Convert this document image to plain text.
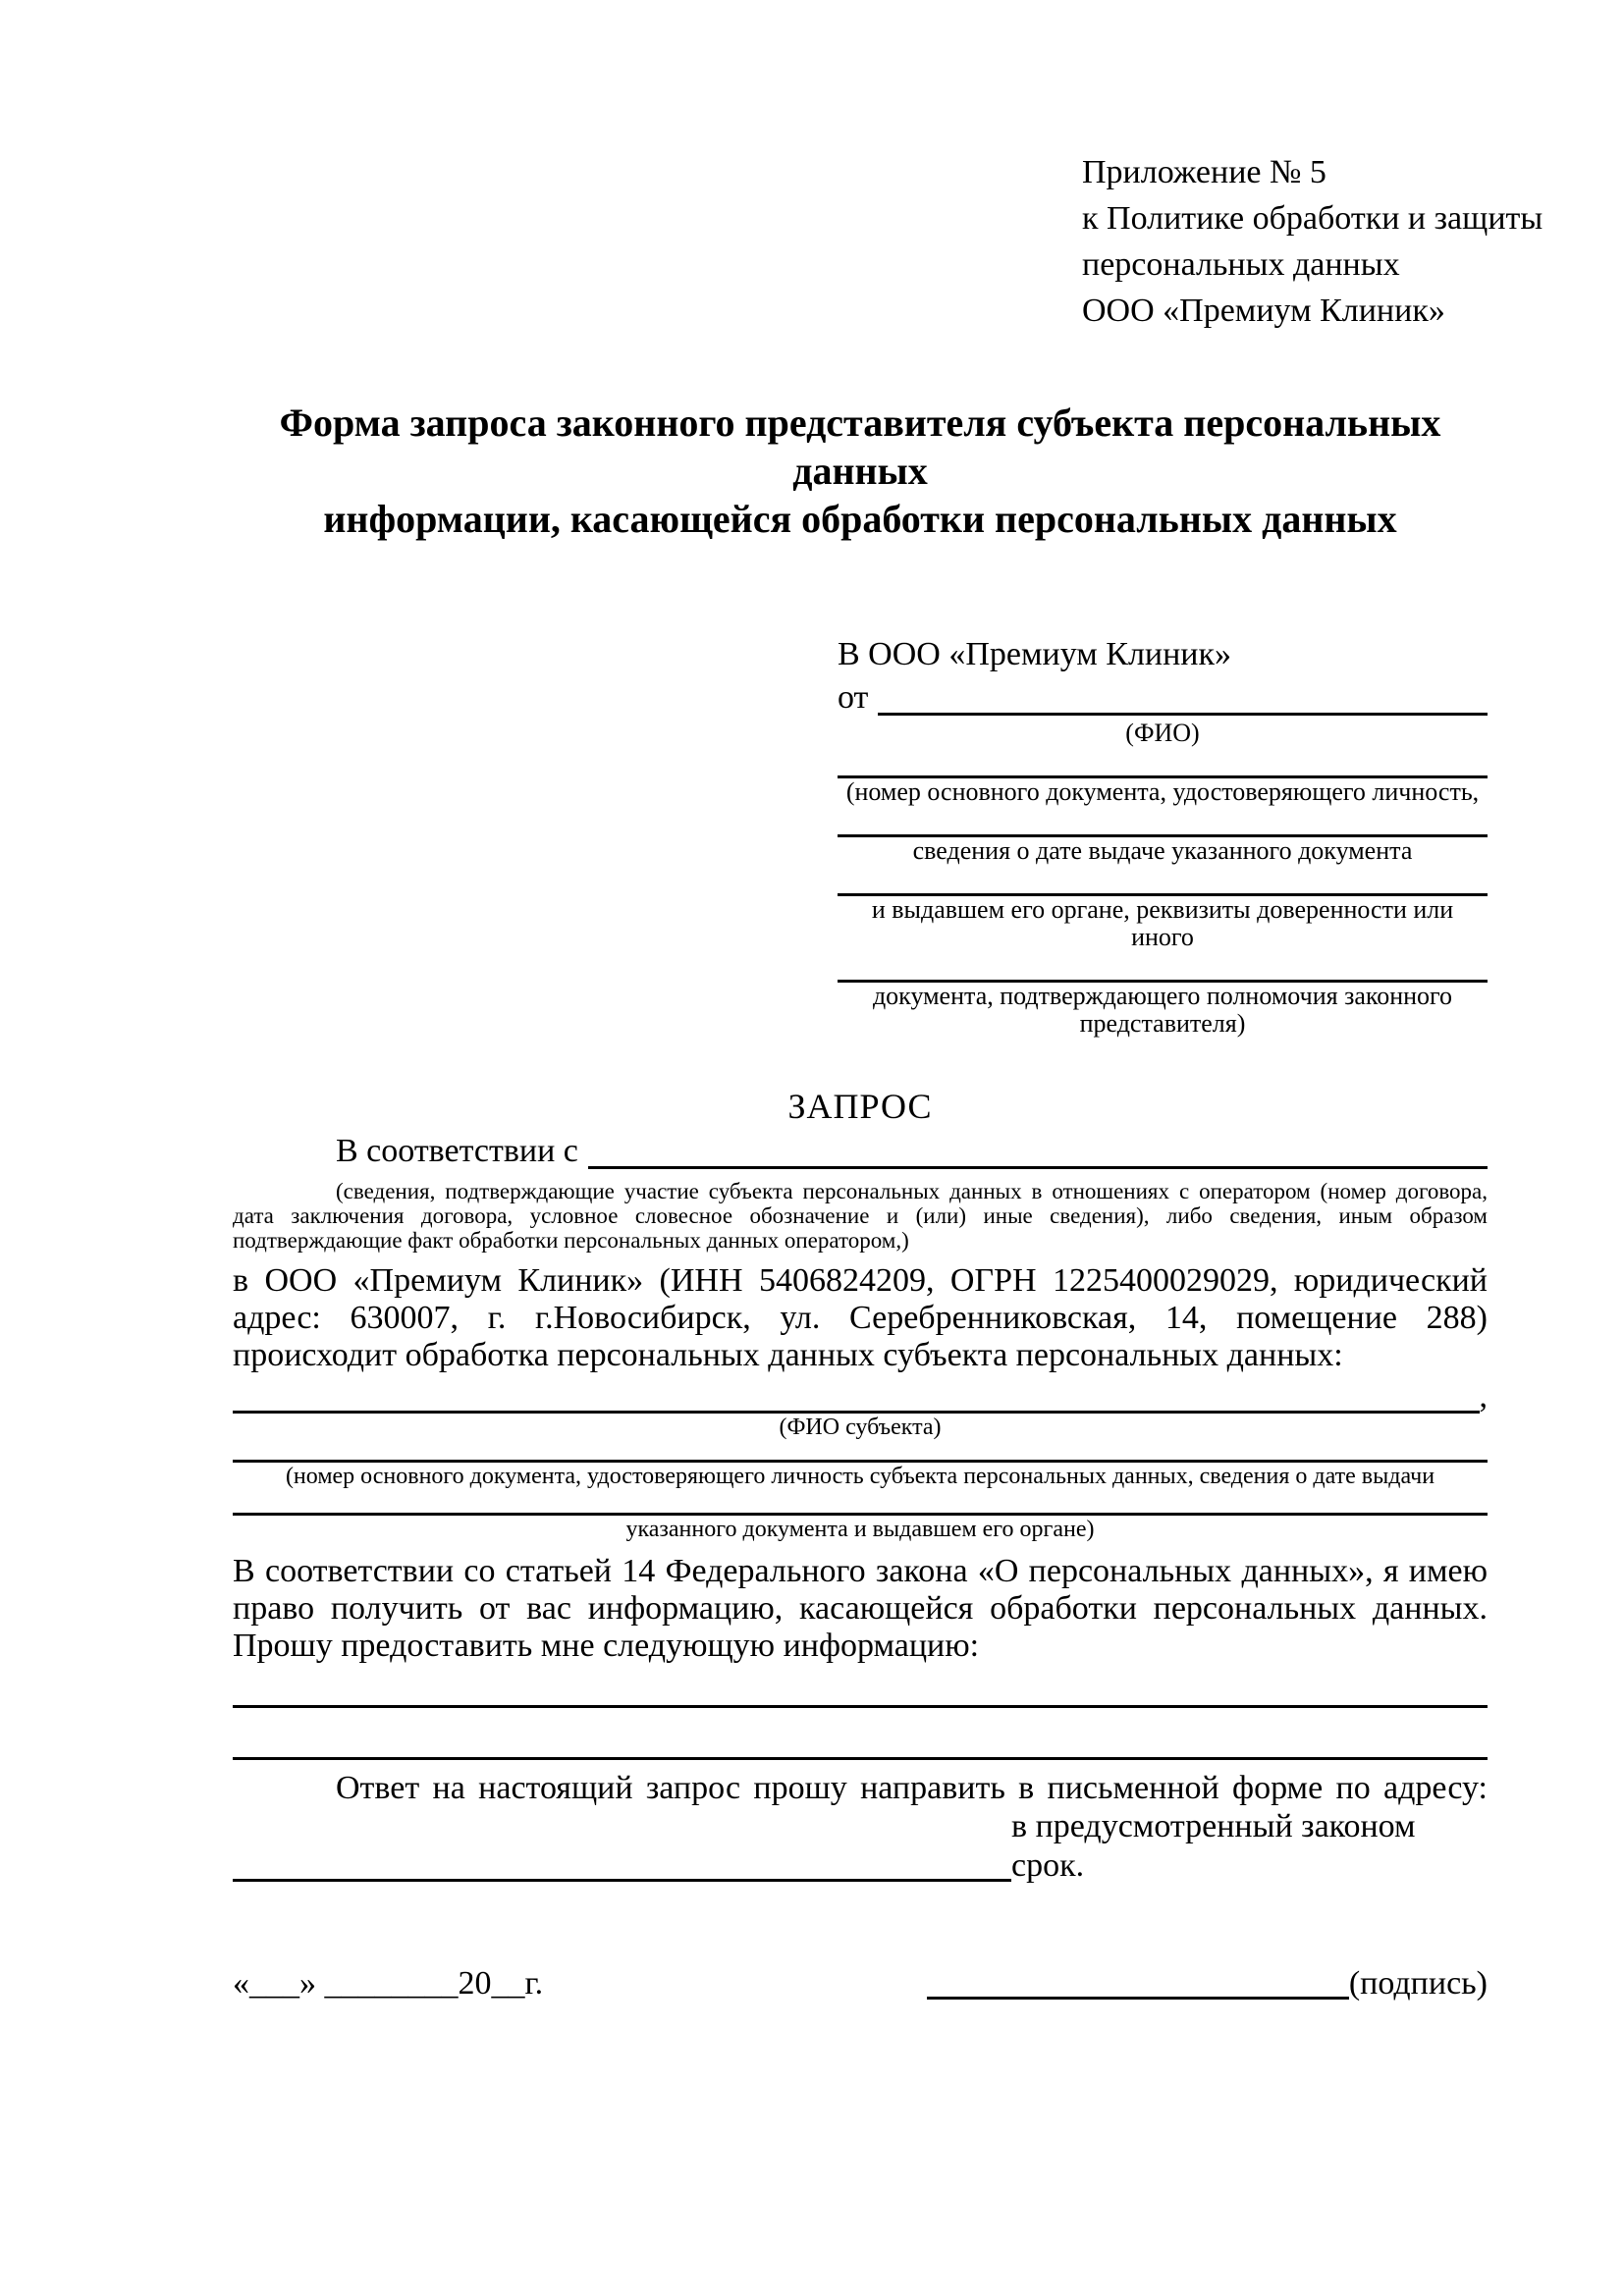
Приложение № 5
к Политике обработки и защиты
персональных данных
ООО «Премиум Клиник»
Форма запроса законного представителя субъекта персональных данных
информации, касающейся обработки персональных данных
В ООО «Премиум Клиник»
от
(ФИО)
(номер основного документа, удостоверяющего личность,
сведения о дате выдаче указанного документа
и выдавшем его органе, реквизиты доверенности или иного
документа, подтверждающего полномочия законного представителя)
ЗАПРОС
В соответствии с

(сведения, подтверждающие участие субъекта персональных данных в отношениях с оператором (номер договора, дата заключения договора, условное словесное обозначение и (или) иные сведения), либо сведения, иным образом подтверждающие факт обработки персональных данных оператором,)

в ООО «Премиум Клиник» (ИНН 5406824209, ОГРН 1225400029029, юридический адрес: 630007, г. г.Новосибирск, ул. Серебренниковская, 14, помещение 288) происходит обработка персональных данных субъекта персональных данных:

,
(ФИО субъекта)
(номер основного документа, удостоверяющего личность субъекта персональных данных, сведения о дате выдачи
указанного документа и выдавшем его органе)

В соответствии со статьей 14 Федерального закона «О персональных данных», я имею право получить от вас информацию, касающейся обработки персональных данных. Прошу предоставить мне следующую информацию:

Ответ на настоящий запрос прошу направить в письменной форме по адресу:

в предусмотренный законом срок.
«___» ________20__г.	(подпись)
